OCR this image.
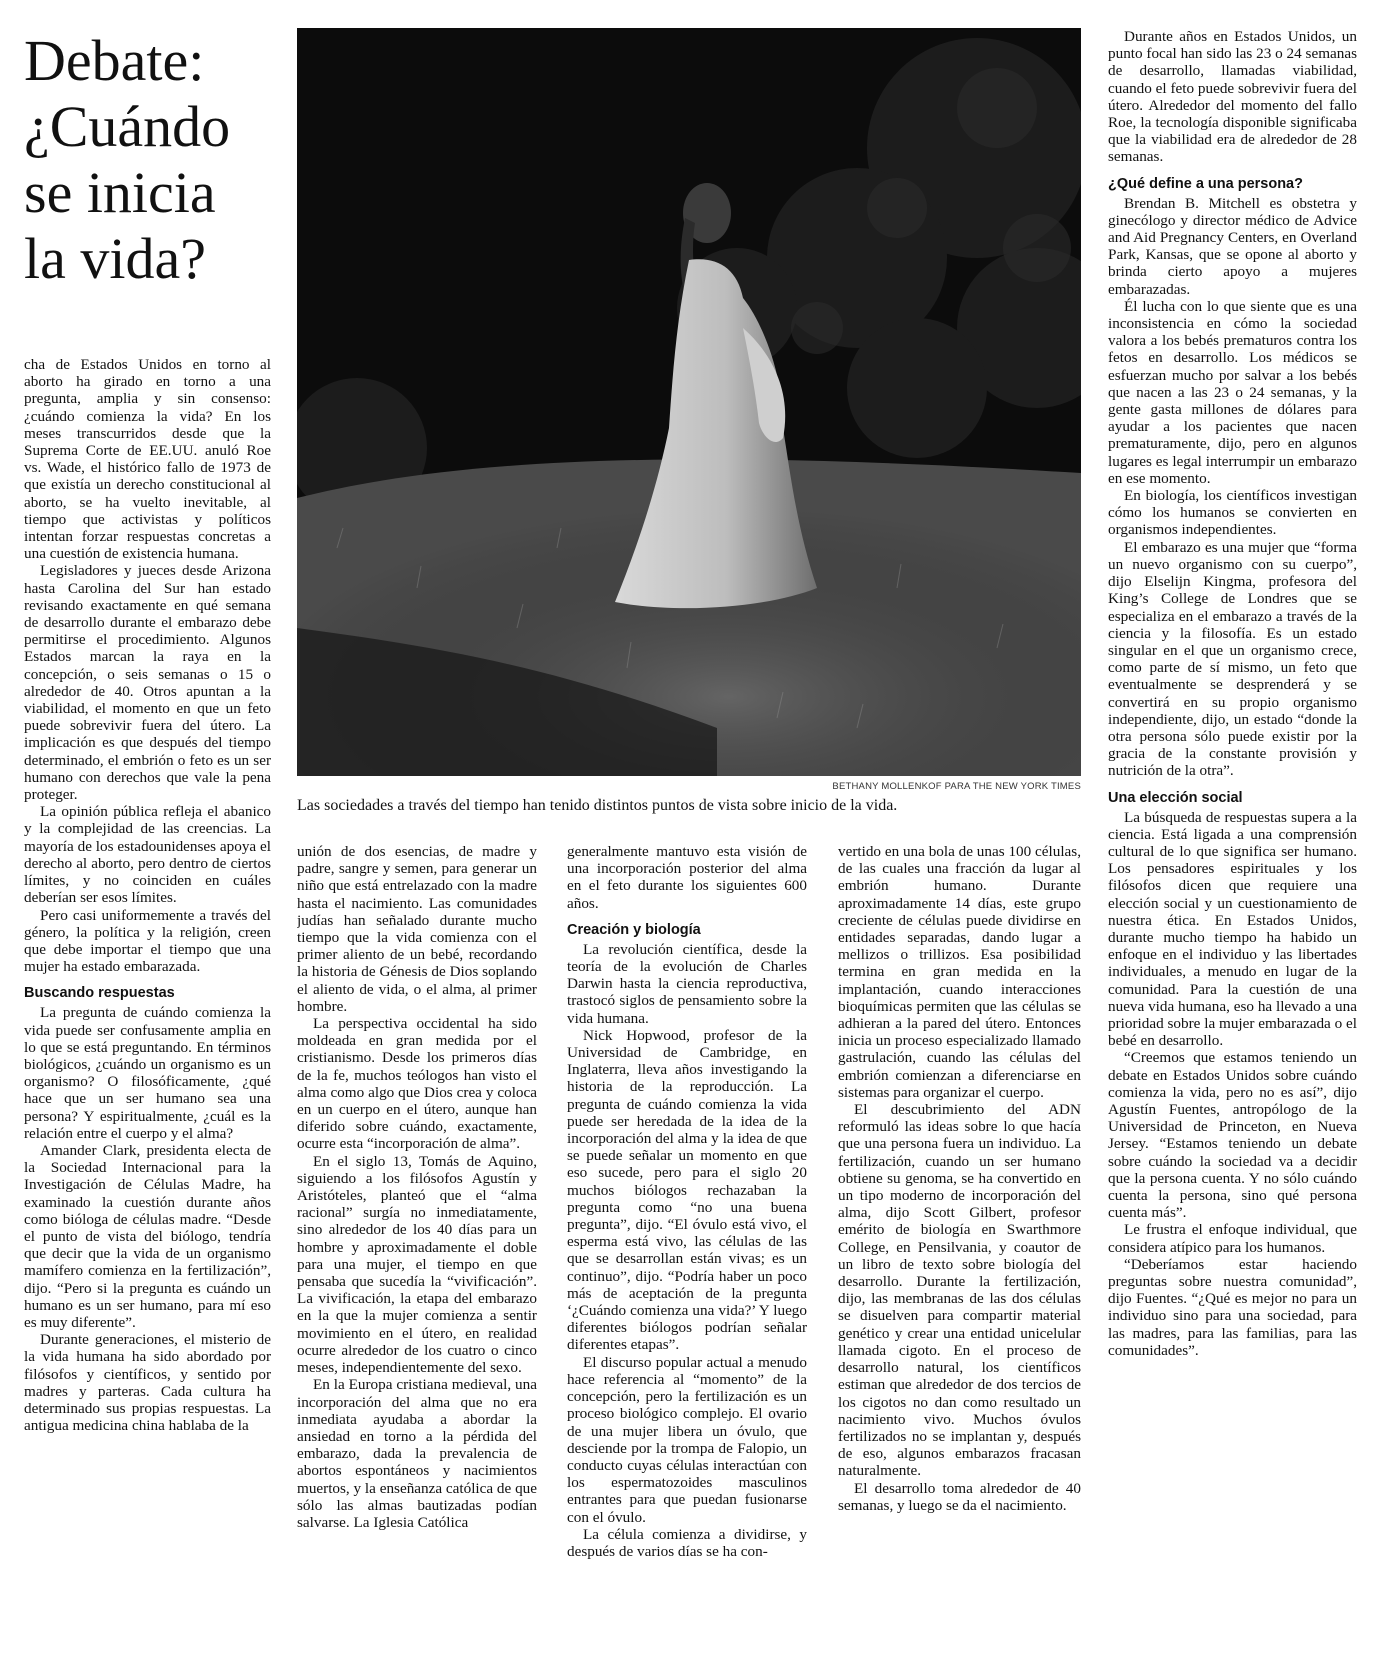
Debate: ¿Cuándo se inicia la vida?
BETHANY MOLLENKOF PARA THE NEW YORK TIMES
Las sociedades a través del tiempo han tenido distintos puntos de vista sobre inicio de la vida.

cha de Estados Unidos en torno al aborto ha girado en torno a una pregunta, amplia y sin consenso: ¿cuándo comienza la vida? En los meses transcurridos desde que la Suprema Corte de EE.UU. anuló Roe vs. Wade, el histórico fallo de 1973 de que existía un derecho constitucional al aborto, se ha vuelto inevitable, al tiempo que activistas y políticos intentan forzar respuestas concretas a una cuestión de existencia humana.

Legisladores y jueces desde Arizona hasta Carolina del Sur han estado revisando exactamente en qué semana de desarrollo durante el embarazo debe permitirse el procedimiento. Algunos Estados marcan la raya en la concepción, o seis semanas o 15 o alrededor de 40. Otros apuntan a la viabilidad, el momento en que un feto puede sobrevivir fuera del útero. La implicación es que después del tiempo determinado, el embrión o feto es un ser humano con derechos que vale la pena proteger.

La opinión pública refleja el abanico y la complejidad de las creencias. La mayoría de los estadounidenses apoya el derecho al aborto, pero dentro de ciertos límites, y no coinciden en cuáles deberían ser esos límites.

Pero casi uniformemente a través del género, la política y la religión, creen que debe importar el tiempo que una mujer ha estado embarazada.

Buscando respuestas

La pregunta de cuándo comienza la vida puede ser confusamente amplia en lo que se está preguntando. En términos biológicos, ¿cuándo un organismo es un organismo? O filosóficamente, ¿qué hace que un ser humano sea una persona? Y espiritualmente, ¿cuál es la relación entre el cuerpo y el alma?

Amander Clark, presidenta electa de la Sociedad Internacional para la Investigación de Células Madre, ha examinado la cuestión durante años como bióloga de células madre. “Desde el punto de vista del biólogo, tendría que decir que la vida de un organismo mamífero comienza en la fertilización”, dijo. “Pero si la pregunta es cuándo un humano es un ser humano, para mí eso es muy diferente”.

Durante generaciones, el misterio de la vida humana ha sido abordado por filósofos y científicos, y sentido por madres y parteras. Cada cultura ha determinado sus propias respuestas. La antigua medicina china hablaba de la

unión de dos esencias, de madre y padre, sangre y semen, para generar un niño que está entrelazado con la madre hasta el nacimiento. Las comunidades judías han señalado durante mucho tiempo que la vida comienza con el primer aliento de un bebé, recordando la historia de Génesis de Dios soplando el aliento de vida, o el alma, al primer hombre.

La perspectiva occidental ha sido moldeada en gran medida por el cristianismo. Desde los primeros días de la fe, muchos teólogos han visto el alma como algo que Dios crea y coloca en un cuerpo en el útero, aunque han diferido sobre cuándo, exactamente, ocurre esta “incorporación de alma”.

En el siglo 13, Tomás de Aquino, siguiendo a los filósofos Agustín y Aristóteles, planteó que el “alma racional” surgía no inmediatamente, sino alrededor de los 40 días para un hombre y aproximadamente el doble para una mujer, el tiempo en que pensaba que sucedía la “vivificación”. La vivificación, la etapa del embarazo en la que la mujer comienza a sentir movimiento en el útero, en realidad ocurre alrededor de los cuatro o cinco meses, independientemente del sexo.

En la Europa cristiana medieval, una incorporación del alma que no era inmediata ayudaba a abordar la ansiedad en torno a la pérdida del embarazo, dada la prevalencia de abortos espontáneos y nacimientos muertos, y la enseñanza católica de que sólo las almas bautizadas podían salvarse. La Iglesia Católica

generalmente mantuvo esta visión de una incorporación posterior del alma en el feto durante los siguientes 600 años.

Creación y biología

La revolución científica, desde la teoría de la evolución de Charles Darwin hasta la ciencia reproductiva, trastocó siglos de pensamiento sobre la vida humana.

Nick Hopwood, profesor de la Universidad de Cambridge, en Inglaterra, lleva años investigando la historia de la reproducción. La pregunta de cuándo comienza la vida puede ser heredada de la idea de la incorporación del alma y la idea de que se puede señalar un momento en que eso sucede, pero para el siglo 20 muchos biólogos rechazaban la pregunta como “no una buena pregunta”, dijo. “El óvulo está vivo, el esperma está vivo, las células de las que se desarrollan están vivas; es un continuo”, dijo. “Podría haber un poco más de aceptación de la pregunta ‘¿Cuándo comienza una vida?’ Y luego diferentes biólogos podrían señalar diferentes etapas”.

El discurso popular actual a menudo hace referencia al “momento” de la concepción, pero la fertilización es un proceso biológico complejo. El ovario de una mujer libera un óvulo, que desciende por la trompa de Falopio, un conducto cuyas células interactúan con los espermatozoides masculinos entrantes para que puedan fusionarse con el óvulo.

La célula comienza a dividirse, y después de varios días se ha con-

vertido en una bola de unas 100 células, de las cuales una fracción da lugar al embrión humano. Durante aproximadamente 14 días, este grupo creciente de células puede dividirse en entidades separadas, dando lugar a mellizos o trillizos. Esa posibilidad termina en gran medida en la implantación, cuando interacciones bioquímicas permiten que las células se adhieran a la pared del útero. Entonces inicia un proceso especializado llamado gastrulación, cuando las células del embrión comienzan a diferenciarse en sistemas para organizar el cuerpo.

El descubrimiento del ADN reformuló las ideas sobre lo que hacía que una persona fuera un individuo. La fertilización, cuando un ser humano obtiene su genoma, se ha convertido en un tipo moderno de incorporación del alma, dijo Scott Gilbert, profesor emérito de biología en Swarthmore College, en Pensilvania, y coautor de un libro de texto sobre biología del desarrollo. Durante la fertilización, dijo, las membranas de las dos células se disuelven para compartir material genético y crear una entidad unicelular llamada cigoto. En el proceso de desarrollo natural, los científicos estiman que alrededor de dos tercios de los cigotos no dan como resultado un nacimiento vivo. Muchos óvulos fertilizados no se implantan y, después de eso, algunos embarazos fracasan naturalmente.

El desarrollo toma alrededor de 40 semanas, y luego se da el nacimiento.

Durante años en Estados Unidos, un punto focal han sido las 23 o 24 semanas de desarrollo, llamadas viabilidad, cuando el feto puede sobrevivir fuera del útero. Alrededor del momento del fallo Roe, la tecnología disponible significaba que la viabilidad era de alrededor de 28 semanas.

¿Qué define a una persona?

Brendan B. Mitchell es obstetra y ginecólogo y director médico de Advice and Aid Pregnancy Centers, en Overland Park, Kansas, que se opone al aborto y brinda cierto apoyo a mujeres embarazadas.

Él lucha con lo que siente que es una inconsistencia en cómo la sociedad valora a los bebés prematuros contra los fetos en desarrollo. Los médicos se esfuerzan mucho por salvar a los bebés que nacen a las 23 o 24 semanas, y la gente gasta millones de dólares para ayudar a los pacientes que nacen prematuramente, dijo, pero en algunos lugares es legal interrumpir un embarazo en ese momento.

En biología, los científicos investigan cómo los humanos se convierten en organismos independientes.

El embarazo es una mujer que “forma un nuevo organismo con su cuerpo”, dijo Elselijn Kingma, profesora del King’s College de Londres que se especializa en el embarazo a través de la ciencia y la filosofía. Es un estado singular en el que un organismo crece, como parte de sí mismo, un feto que eventualmente se desprenderá y se convertirá en su propio organismo independiente, dijo, un estado “donde la otra persona sólo puede existir por la gracia de la constante provisión y nutrición de la otra”.

Una elección social

La búsqueda de respuestas supera a la ciencia. Está ligada a una comprensión cultural de lo que significa ser humano. Los pensadores espirituales y los filósofos dicen que requiere una elección social y un cuestionamiento de nuestra ética. En Estados Unidos, durante mucho tiempo ha habido un enfoque en el individuo y las libertades individuales, a menudo en lugar de la comunidad. Para la cuestión de una nueva vida humana, eso ha llevado a una prioridad sobre la mujer embarazada o el bebé en desarrollo.

“Creemos que estamos teniendo un debate en Estados Unidos sobre cuándo comienza la vida, pero no es así”, dijo Agustín Fuentes, antropólogo de la Universidad de Princeton, en Nueva Jersey. “Estamos teniendo un debate sobre cuándo la sociedad va a decidir que la persona cuenta. Y no sólo cuándo cuenta la persona, sino qué persona cuenta más”.

Le frustra el enfoque individual, que considera atípico para los humanos.

“Deberíamos estar haciendo preguntas sobre nuestra comunidad”, dijo Fuentes. “¿Qué es mejor no para un individuo sino para una sociedad, para las madres, para las familias, para las comunidades”.
